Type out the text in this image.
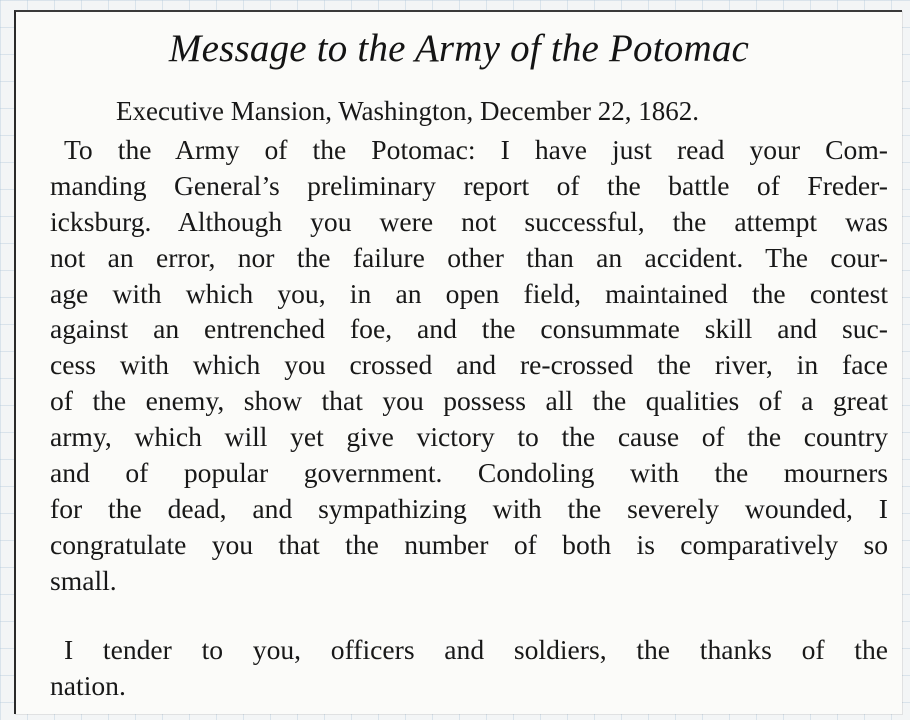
Message to the Army of the Potomac
Executive Mansion, Washington, December 22, 1862.
To the Army of the Potomac: I have just read your Com-
manding General’s preliminary report of the battle of Freder-
icksburg. Although you were not successful, the attempt was
not an error, nor the failure other than an accident. The cour-
age with which you, in an open field, maintained the contest
against an entrenched foe, and the consummate skill and suc-
cess with which you crossed and re-crossed the river, in face
of the enemy, show that you possess all the qualities of a great
army, which will yet give victory to the cause of the country
and of popular government. Condoling with the mourners
for the dead, and sympathizing with the severely wounded, I
congratulate you that the number of both is comparatively so
small.
I tender to you, officers and soldiers, the thanks of the
nation.
